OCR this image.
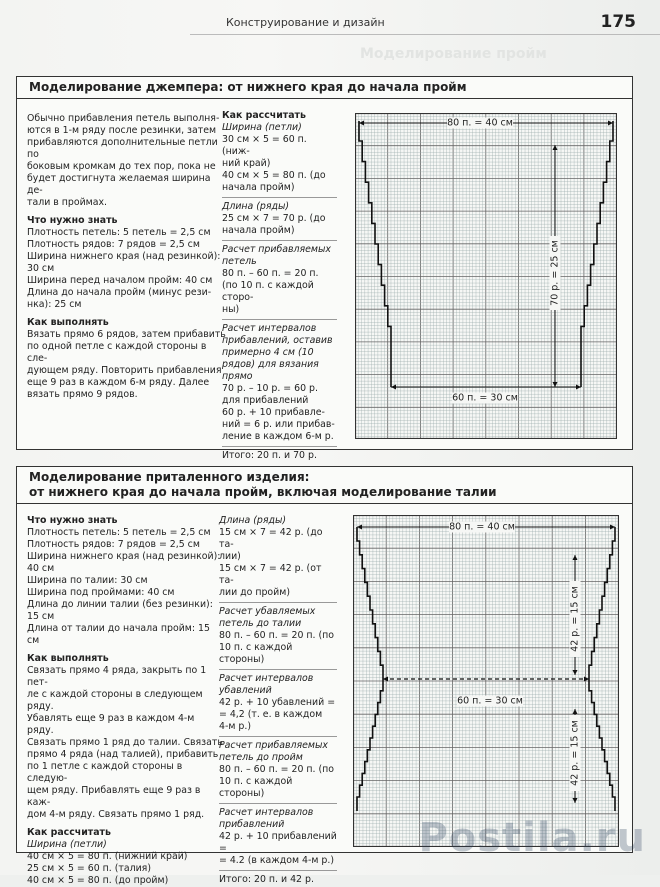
Конструирование и дизайн	175
Моделирование пройм
Моделирование джемпера: от нижнего края до начала пройм

Обычно прибавления петель выполня-

ются в 1-м ряду после резинки, затем

прибавляются дополнительные петли по

боковым кромкам до тех пор, пока не

будет достигнута желаемая ширина де-

тали в проймах.

Что нужно знать

Плотность петель: 5 петель = 2,5 см

Плотность рядов: 7 рядов = 2,5 см

Ширина нижнего края (над резинкой):

30 см

Ширина перед началом пройм: 40 см

Длина до начала пройм (минус рези-

нка): 25 см

Как выполнять

Вязать прямо 6 рядов, затем прибавить

по одной петле с каждой стороны в сле-

дующем ряду. Повторить прибавления

еще 9 раз в каждом 6-м ряду. Далее

вязать прямо 9 рядов.

Как рассчитать

Ширина (петли)

30 см × 5 = 60 п. (ниж-

ний край)

40 см × 5 = 80 п. (до

начала пройм)

Длина (ряды)

25 см × 7 = 70 р. (до

начала пройм)

Расчет прибавляемых петель

80 п. – 60 п. = 20 п.

(по 10 п. с каждой сторо-

ны)

Расчет интервалов прибавлений, оставив примерно 4 см (10 рядов) для вязания прямо

70 р. – 10 р. = 60 р.

для прибавлений

60 р. + 10 прибавле-

ний = 6 р. или прибав-

ление в каждом 6-м р.

Итого: 20 п. и 70 р.

80 п. = 40 см
70 р. = 25 см
60 п. = 30 см
Моделирование приталенного изделия:
от нижнего края до начала пройм, включая моделирование талии

Что нужно знать

Плотность петель: 5 петель = 2,5 см

Плотность рядов: 7 рядов = 2,5 см

Ширина нижнего края (над резинкой):

40 см

Ширина по талии: 30 см

Ширина под проймами: 40 см

Длина до линии талии (без резинки):

15 см

Длина от талии до начала пройм: 15 см

Как выполнять

Связать прямо 4 ряда, закрыть по 1 пет-

ле с каждой стороны в следующем ряду.

Убавлять еще 9 раз в каждом 4-м ряду.

Связать прямо 1 ряд до талии. Связать

прямо 4 ряда (над талией), прибавить

по 1 петле с каждой стороны в следую-

щем ряду. Прибавлять еще 9 раз в каж-

дом 4-м ряду. Связать прямо 1 ряд.

Как рассчитать

Ширина (петли)

40 см × 5 = 80 п. (нижний край)

25 см × 5 = 60 п. (талия)

40 см × 5 = 80 п. (до пройм)

Длина (ряды)

15 см × 7 = 42 р. (до та-

лии)

15 см × 7 = 42 р. (от та-

лии до пройм)

Расчет убавляемых петель до талии

80 п. – 60 п. = 20 п. (по

10 п. с каждой стороны)

Расчет интервалов убавлений

42 р. + 10 убавлений =

= 4,2 (т. е. в каждом

4-м р.)

Расчет прибавляемых петель до пройм

80 п. – 60 п. = 20 п. (по

10 п. с каждой стороны)

Расчет интервалов прибавлений

42 р. + 10 прибавлений =

= 4.2 (в каждом 4-м р.)

Итого: 20 п. и 42 р.

80 п. = 40 см
60 п. = 30 см
42 р. = 15 см
42 р. = 15 см
Postila.ru
